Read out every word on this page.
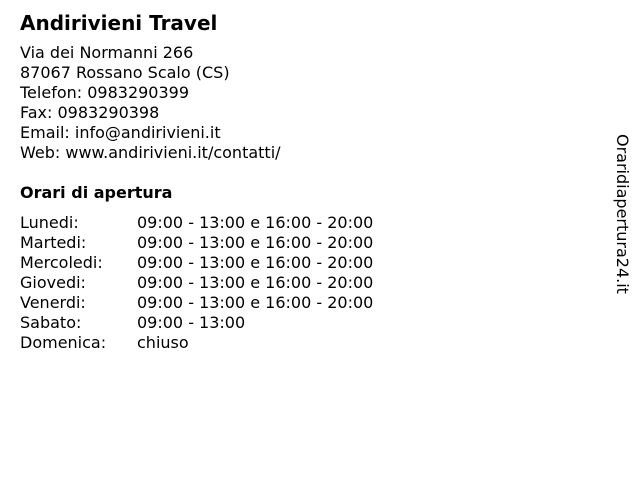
Andirivieni Travel
Via dei Normanni 266
87067 Rossano Scalo (CS)
Telefon: 0983290399
Fax: 0983290398
Email: info@andirivieni.it
Web: www.andirivieni.it/contatti/
Orari di apertura
Lunedi:	09:00 - 13:00 e 16:00 - 20:00
Martedi:	09:00 - 13:00 e 16:00 - 20:00
Mercoledi:	09:00 - 13:00 e 16:00 - 20:00
Giovedi:	09:00 - 13:00 e 16:00 - 20:00
Venerdi:	09:00 - 13:00 e 16:00 - 20:00
Sabato:	09:00 - 13:00
Domenica:	chiuso
Oraridiapertura24.it
